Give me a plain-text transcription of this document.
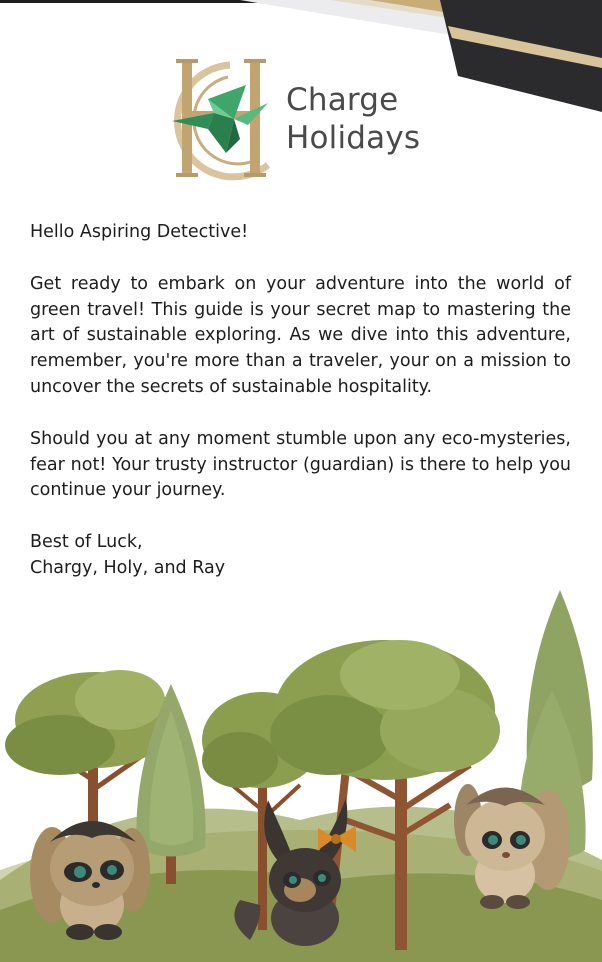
Charge
Holidays

Hello Aspiring Detective!

Get ready to embark on your adventure into the world of green travel! This guide is your secret map to mastering the art of sustainable exploring. As we dive into this adventure, remember, you're more than a traveler, your on a mission to uncover the secrets of sustainable hospitality.

Should you at any moment stumble upon any eco-mysteries, fear not! Your trusty instructor (guardian) is there to help you continue your journey.

Best of Luck,

Chargy, Holy, and Ray
